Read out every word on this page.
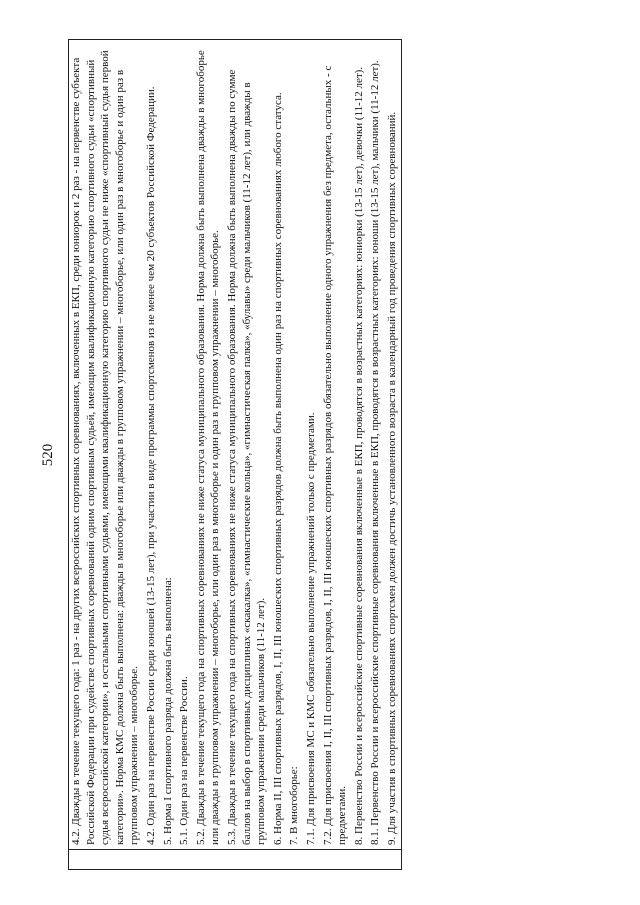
520
		4.2. Дважды в течение текущего года: 1 раз - на других всероссийских спортивных соревнованиях, включенных в ЕКП, среди юниорок и 2 раз - на первенстве субъекта Российской Федерации при судействе спортивных соревнований одним спортивным судьей, имеющим квалификационную категорию спортивного судьи «спортивный судья всероссийской категории», и остальными спортивными судьями, имеющими квалификационную категорию спортивного судьи не ниже «спортивный судья первой категории». Норма КМС должна быть выполнена: дважды в многоборье или дважды в групповом упражнении – многоборье, или один раз в многоборье и один раз в групповом упражнении – многоборье. 4.2. Один раз на первенстве России среди юношей (13-15 лет), при участии в виде программы спортсменов из не менее чем 20 субъектов Российской Федерации. 5. Норма I спортивного разряда должна быть выполнена: 5.1. Один раз на первенстве России. 5.2. Дважды в течение текущего года на спортивных соревнованиях не ниже статуса муниципального образования. Норма должна быть выполнена дважды в многоборье или дважды в групповом упражнении – многоборье, или один раз в многоборье и один раз в групповом упражнении – многоборье. 5.3. Дважды в течение текущего года на спортивных соревнованиях не ниже статуса муниципального образования. Норма должна быть выполнена дважды по сумме баллов на выбор в спортивных дисциплинах «скакалка», «гимнастические кольца», «гимнастическая палка», «булавы» среди мальчиков (11-12 лет), или дважды в групповом упражнении среди мальчиков (11-12 лет). 6. Норма II, III спортивных разрядов, I, II, III юношеских спортивных разрядов должна быть выполнена один раз на спортивных соревнованиях любого статуса. 7. В многоборье: 7.1. Для присвоения МС и КМС обязательно выполнение упражнений только с предметами. 7.2. Для присвоения I, II, III спортивных разрядов, I, II, III юношеских спортивных разрядов обязательно выполнение одного упражнения без предмета, остальных - с предметами. 8. Первенство России и всероссийские спортивные соревнования включенные в ЕКП, проводятся в возрастных категориях: юниорки (13-15 лет), девочки (11-12 лет). 8.1. Первенство России и всероссийские спортивные соревнования включенные в ЕКП, проводятся в возрастных категориях: юноши (13-15 лет), мальчики (11-12 лет). 9. Для участия в спортивных соревнованиях спортсмен должен достичь установленного возраста в календарный год проведения спортивных соревнований.
